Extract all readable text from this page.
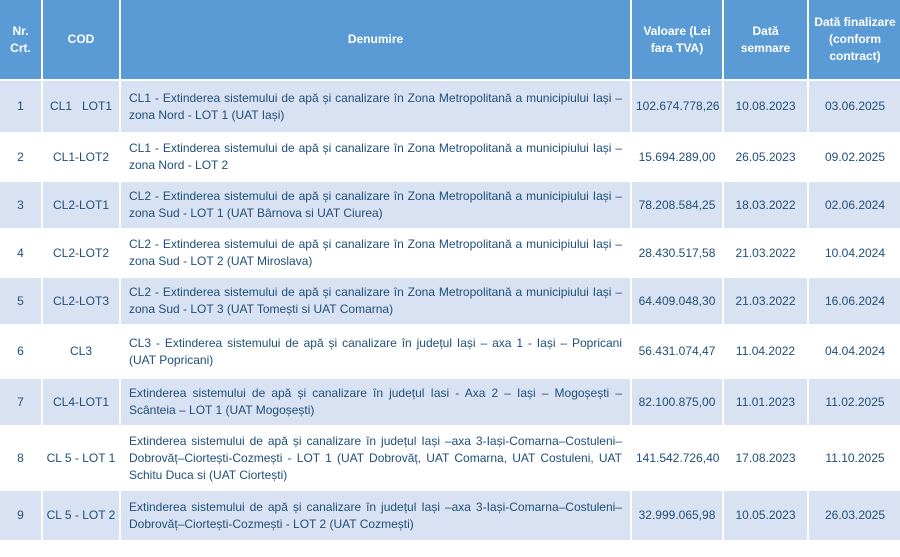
Nr. Crt.	COD	Denumire	Valoare (Lei fara TVA)	Dată semnare	Dată finalizare (conform contract)
1	CL1   LOT1	CL1 - Extinderea sistemului de apă și canalizare în Zona Metropolitană a municipiului Iași – zona Nord - LOT 1 (UAT Iași)	102.674.778,26	10.08.2023	03.06.2025
2	CL1-LOT2	CL1 - Extinderea sistemului de apă și canalizare în Zona Metropolitană a municipiului Iași – zona Nord - LOT 2	15.694.289,00	26.05.2023	09.02.2025
3	CL2-LOT1	CL2 - Extinderea sistemului de apă și canalizare în Zona Metropolitană a municipiului Iași – zona Sud - LOT 1 (UAT Bârnova si UAT Ciurea)	78.208.584,25	18.03.2022	02.06.2024
4	CL2-LOT2	CL2 - Extinderea sistemului de apă și canalizare în Zona Metropolitană a municipiului Iași – zona Sud - LOT 2 (UAT Miroslava)	28.430.517,58	21.03.2022	10.04.2024
5	CL2-LOT3	CL2 - Extinderea sistemului de apă și canalizare în Zona Metropolitană a municipiului Iași – zona Sud - LOT 3 (UAT Tomești si UAT Comarna)	64.409.048,30	21.03.2022	16.06.2024
6	CL3	CL3 - Extinderea sistemului de apă și canalizare în județul Iași – axa 1 - Iași – Popricani (UAT Popricani)	56.431.074,47	11.04.2022	04.04.2024
7	CL4-LOT1	Extinderea sistemului de apă și canalizare în județul Iasi - Axa 2 – Iași – Mogoșești – Scânteia – LOT 1 (UAT Mogoșești)	82.100.875,00	11.01.2023	11.02.2025
8	CL 5 - LOT 1	Extinderea sistemului de apă și canalizare în județul Iași –axa 3-Iași-Comarna–Costuleni–Dobrovăț–Ciortești-Cozmești - LOT 1 (UAT Dobrovăț, UAT Comarna, UAT Costuleni, UAT Schitu Duca si (UAT Ciortești)	141.542.726,40	17.08.2023	11.10.2025
9	CL 5 - LOT 2	Extinderea sistemului de apă și canalizare în județul Iași –axa 3-Iași-Comarna–Costuleni–Dobrovăț–Ciortești-Cozmești - LOT 2 (UAT Cozmești)	32.999.065,98	10.05.2023	26.03.2025
